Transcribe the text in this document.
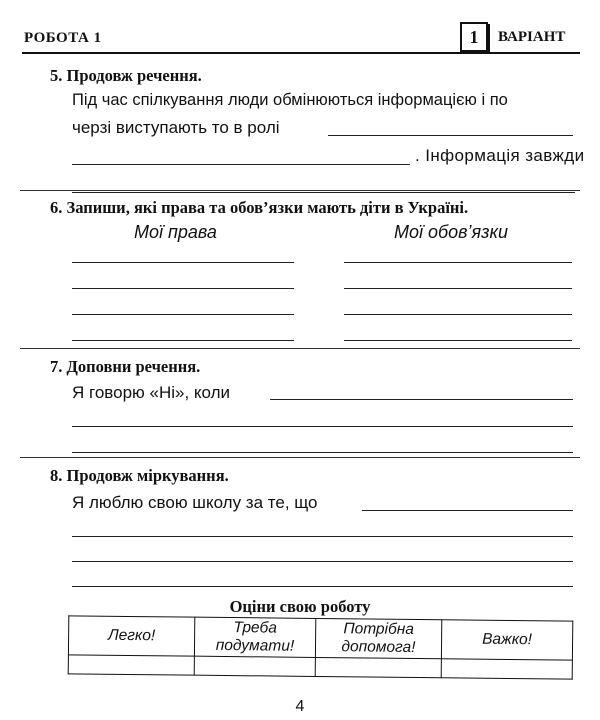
РОБОТА 1	1	ВАРІАНТ
5. Продовж речення.
Під час спілкування люди обмінюються інформацією і по
черзі виступають то в ролі
. Інформація завжди
6. Запиши, які права та обов’язки мають діти в Україні.
Мої права	Мої обов’язки
7. Доповни речення.
Я говорю «Ні», коли
8. Продовж міркування.
Я люблю свою школу за те, що
Оціни свою роботу
Легко!	Треба подумати!	Потрібна допомога!	Важко!

4
